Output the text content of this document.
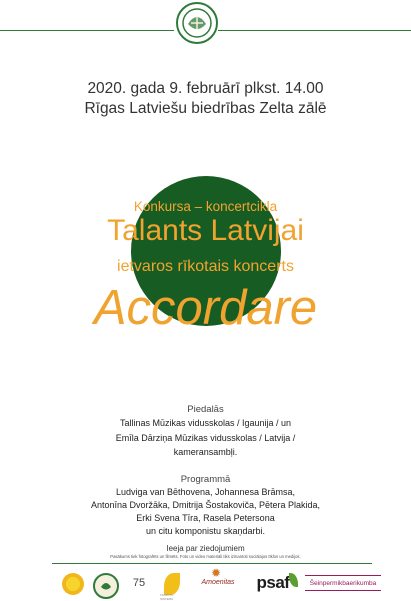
2020. gada 9. februārī plkst. 14.00
Rīgas Latviešu biedrības Zelta zālē
Konkursa – koncertcikla
Talants Latvijai
ietvaros rīkotais koncerts
Accordare
Piedalās
Tallinas Mūzikas vidusskolas / Igaunija / un
Emīla Dārziņa Mūzikas vidusskolas / Latvija /
kameransambļi.
Programmā
Ludviga van Bēthovena, Johannesa Brāmsa,
Antonīna Dvoržāka, Dmitrija Šostakoviča, Pētera Plakida,
Erki Svena Tīra, Rasela Petersona
un citu komponistu skaņdarbi.
Ieeja par ziedojumiem
Pasākums tiek fotografēts un filmēts. Foto un video materiāli tiks izmantoti sociālajos tīklos un medijos.
75
TALANTU SISTEMA
✹
Amoenitas psaf	Šeinpermikbaerikumba
